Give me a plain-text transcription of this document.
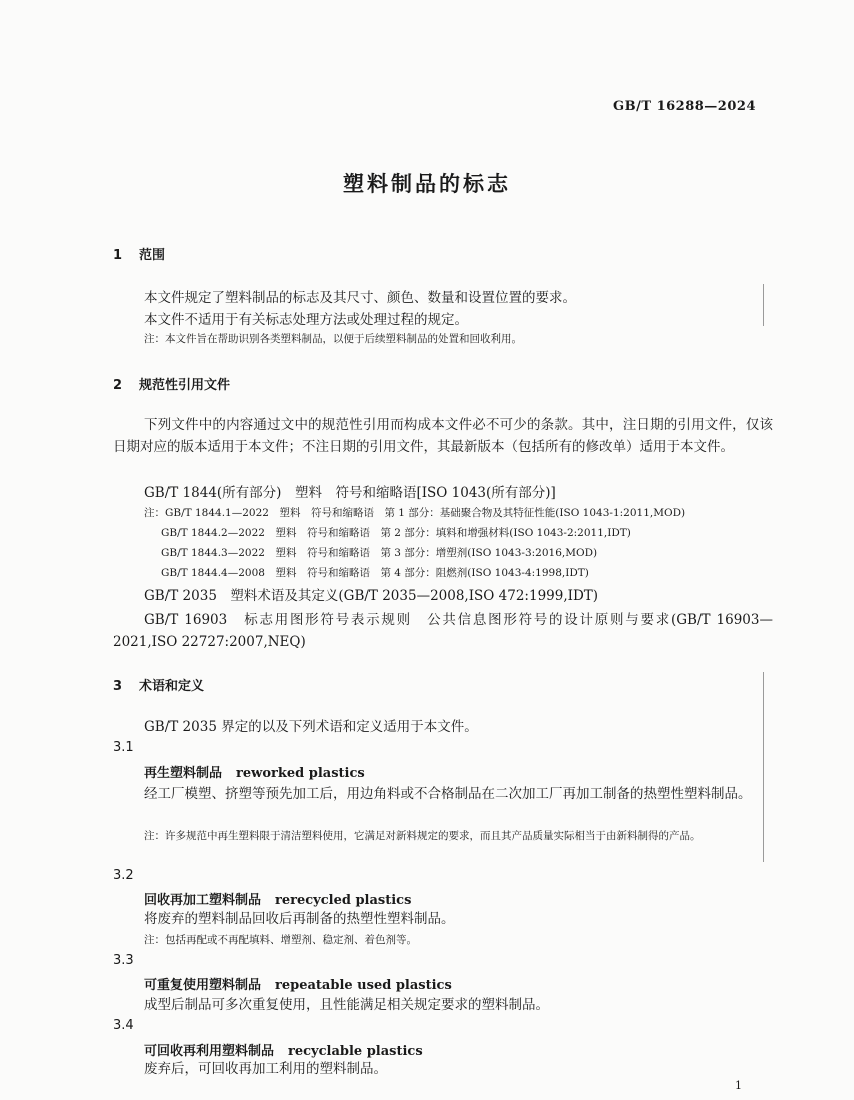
GB/T 16288—2024
塑料制品的标志
1 范围
本文件规定了塑料制品的标志及其尺寸、颜色、数量和设置位置的要求。
本文件不适用于有关标志处理方法或处理过程的规定。
注：本文件旨在帮助识别各类塑料制品，以便于后续塑料制品的处置和回收利用。
2 规范性引用文件
下列文件中的内容通过文中的规范性引用而构成本文件必不可少的条款。其中，注日期的引用文件，仅该日期对应的版本适用于本文件；不注日期的引用文件，其最新版本（包括所有的修改单）适用于本文件。
GB/T 1844(所有部分)　塑料　符号和缩略语[ISO 1043(所有部分)]
注：GB/T 1844.1—2022　塑料　符号和缩略语　第 1 部分：基础聚合物及其特征性能(ISO 1043-1:2011,MOD)
GB/T 1844.2—2022　塑料　符号和缩略语　第 2 部分：填料和增强材料(ISO 1043-2:2011,IDT)
GB/T 1844.3—2022　塑料　符号和缩略语　第 3 部分：增塑剂(ISO 1043-3:2016,MOD)
GB/T 1844.4—2008　塑料　符号和缩略语　第 4 部分：阻燃剂(ISO 1043-4:1998,IDT)
GB/T 2035　塑料术语及其定义(GB/T 2035—2008,ISO 472:1999,IDT)
GB/T 16903　标志用图形符号表示规则　公共信息图形符号的设计原则与要求(GB/T 16903—2021,ISO 22727:2007,NEQ)
3 术语和定义
GB/T 2035 界定的以及下列术语和定义适用于本文件。
3.1
再生塑料制品 reworked plastics
经工厂模塑、挤塑等预先加工后，用边角料或不合格制品在二次加工厂再加工制备的热塑性塑料制品。
注：许多规范中再生塑料限于清洁塑料使用，它满足对新料规定的要求，而且其产品质量实际相当于由新料制得的产品。
3.2
回收再加工塑料制品 rerecycled plastics
将废弃的塑料制品回收后再制备的热塑性塑料制品。
注：包括再配或不再配填料、增塑剂、稳定剂、着色剂等。
3.3
可重复使用塑料制品 repeatable used plastics
成型后制品可多次重复使用，且性能满足相关规定要求的塑料制品。
3.4
可回收再利用塑料制品 recyclable plastics
废弃后，可回收再加工利用的塑料制品。
1
